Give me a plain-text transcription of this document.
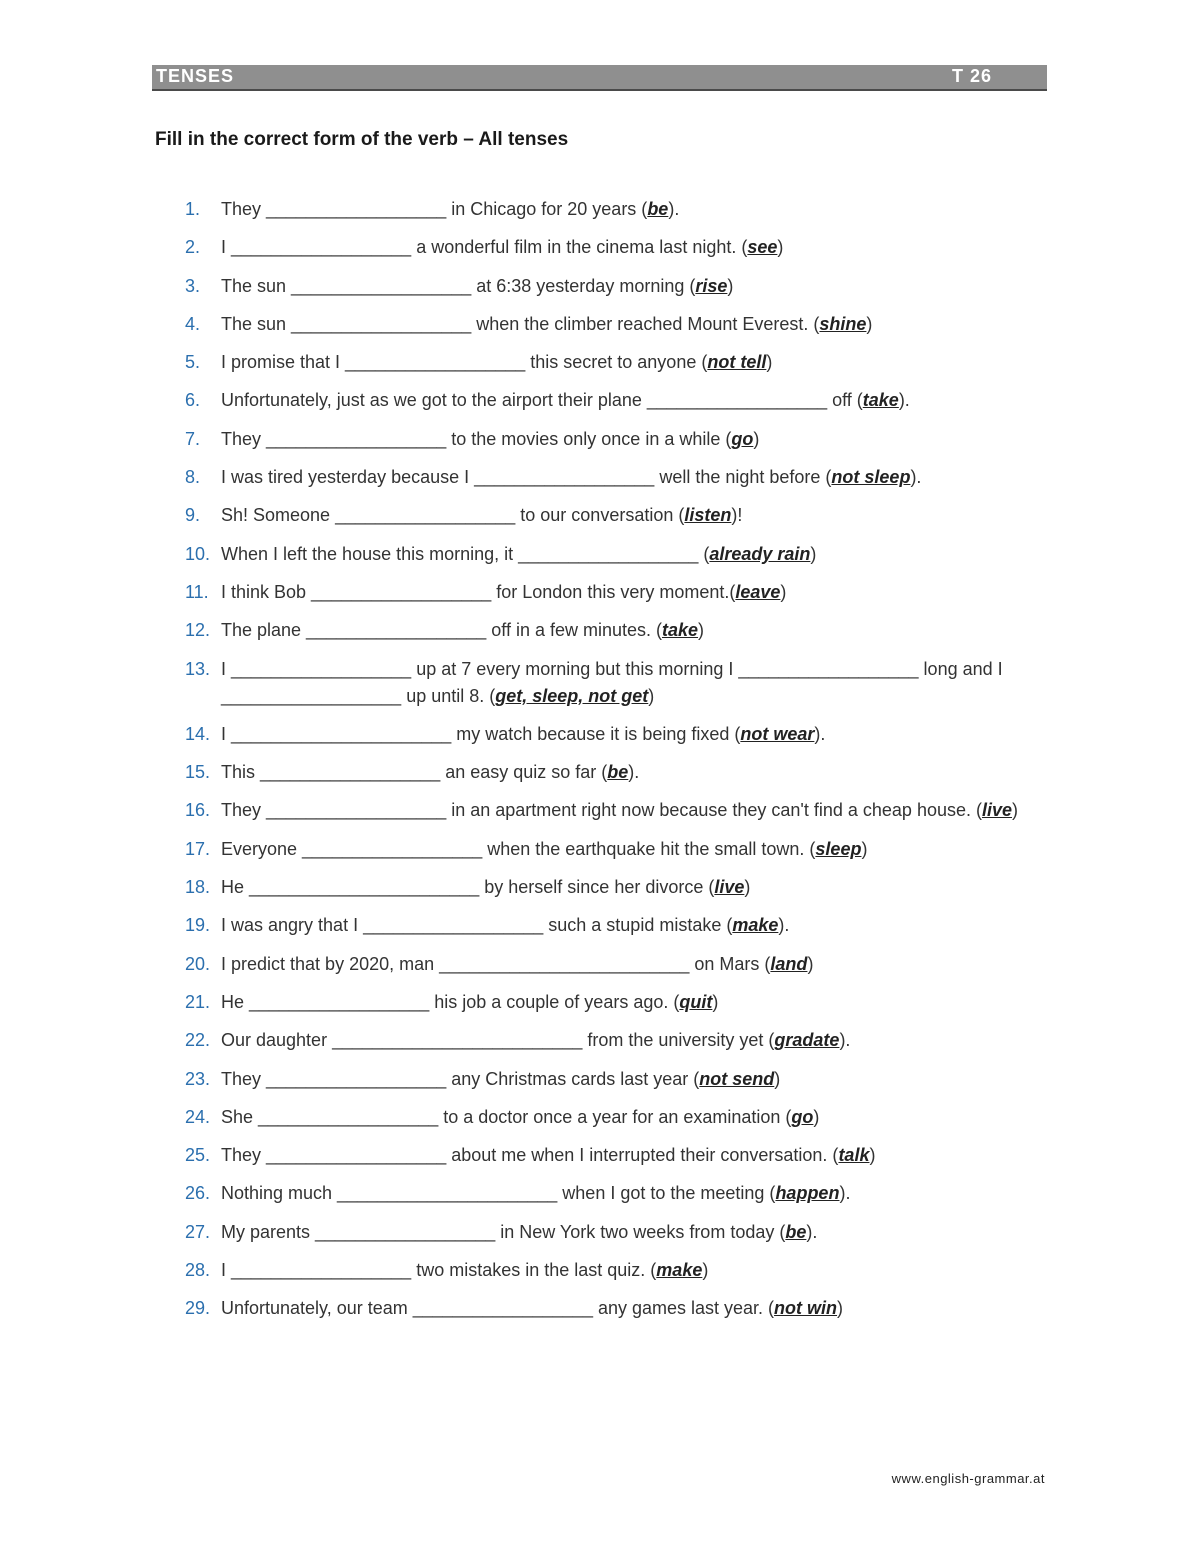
TENSES	T 26
Fill in the correct form of the verb – All tenses
1.	They __________________ in Chicago for 20 years (be).
2.	I __________________ a wonderful film in the cinema last night. (see)
3.	The sun __________________ at 6:38 yesterday morning (rise)
4.	The sun __________________ when the climber reached Mount Everest. (shine)
5.	I promise that I __________________ this secret to anyone (not tell)
6.	Unfortunately, just as we got to the airport their plane __________________ off (take).
7.	They __________________ to the movies only once in a while (go)
8.	I was tired yesterday because I __________________ well the night before (not sleep).
9.	Sh! Someone __________________ to our conversation (listen)!
10. When I left the house this morning, it __________________ (already rain)
11. I think Bob __________________ for London this very moment.(leave)
12. The plane __________________ off in a few minutes. (take)
13. I __________________ up at 7 every morning but this morning I __________________ long and I __________________ up until 8. (get, sleep, not get)
14. I ______________________ my watch because it is being fixed (not wear).
15. This __________________ an easy quiz so far (be).
16. They __________________ in an apartment right now because they can't find a cheap house. (live)
17. Everyone __________________ when the earthquake hit the small town. (sleep)
18. He _______________________ by herself since her divorce (live)
19. I was angry that I __________________ such a stupid mistake (make).
20. I predict that by 2020, man _________________________ on Mars (land)
21. He __________________ his job a couple of years ago. (quit)
22. Our daughter _________________________ from the university yet (gradate).
23. They __________________ any Christmas cards last year (not send)
24. She __________________ to a doctor once a year for an examination (go)
25. They __________________ about me when I interrupted their conversation. (talk)
26. Nothing much ______________________ when I got to the meeting (happen).
27. My parents __________________ in New York two weeks from today (be).
28. I __________________ two mistakes in the last quiz. (make)
29. Unfortunately, our team __________________ any games last year. (not win)
www.english-grammar.at
